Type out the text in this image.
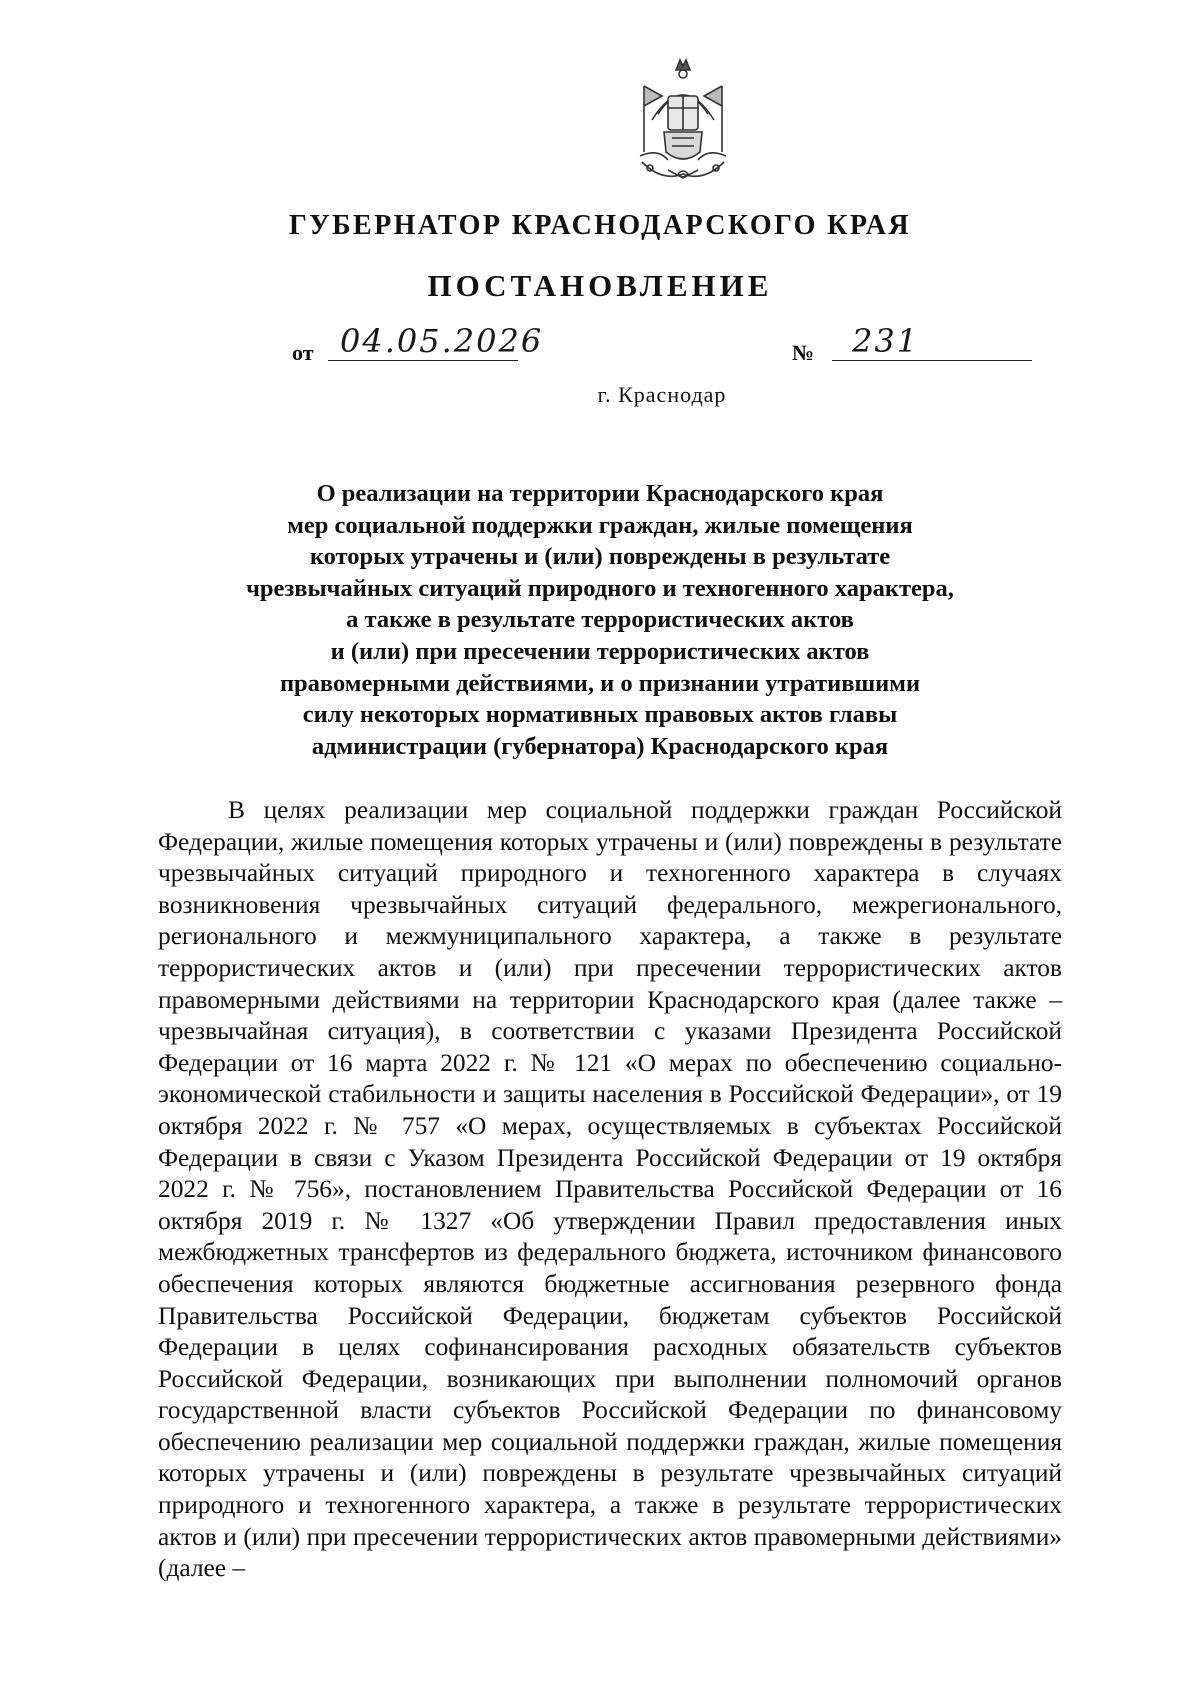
ГУБЕРНАТОР КРАСНОДАРСКОГО КРАЯ
ПОСТАНОВЛЕНИЕ
от 04.05.2026	№ 231
г. Краснодар
О реализации на территории Краснодарского края
мер социальной поддержки граждан, жилые помещения
которых утрачены и (или) повреждены в результате
чрезвычайных ситуаций природного и техногенного характера,
а также в результате террористических актов
и (или) при пресечении террористических актов
правомерными действиями, и о признании утратившими
силу некоторых нормативных правовых актов главы
администрации (губернатора) Краснодарского края

В целях реализации мер социальной поддержки граждан Российской Федерации, жилые помещения которых утрачены и (или) повреждены в результате чрезвычайных ситуаций природного и техногенного характера в случаях возникновения чрезвычайных ситуаций федерального, межрегионального, регионального и межмуниципального характера, а также в результате террористических актов и (или) при пресечении террористических актов правомерными действиями на территории Краснодарского края (далее также – чрезвычайная ситуация), в соответствии с указами Президента Российской Федерации от 16 марта 2022 г. № 121 «О мерах по обеспечению социально-экономической стабильности и защиты населения в Российской Федерации», от 19 октября 2022 г. № 757 «О мерах, осуществляемых в субъектах Российской Федерации в связи с Указом Президента Российской Федерации от 19 октября 2022 г. № 756», постановлением Правительства Российской Федерации от 16 октября 2019 г. № 1327 «Об утверждении Правил предоставления иных межбюджетных трансфертов из федерального бюджета, источником финансового обеспечения которых являются бюджетные ассигнования резервного фонда Правительства Российской Федерации, бюджетам субъектов Российской Федерации в целях софинансирования расходных обязательств субъектов Российской Федерации, возникающих при выполнении полномочий органов государственной власти субъектов Российской Федерации по финансовому обеспечению реализации мер социальной поддержки граждан, жилые помещения которых утрачены и (или) повреждены в результате чрезвычайных ситуаций природного и техногенного характера, а также в результате террористических актов и (или) при пресечении террористических актов правомерными действиями» (далее –
